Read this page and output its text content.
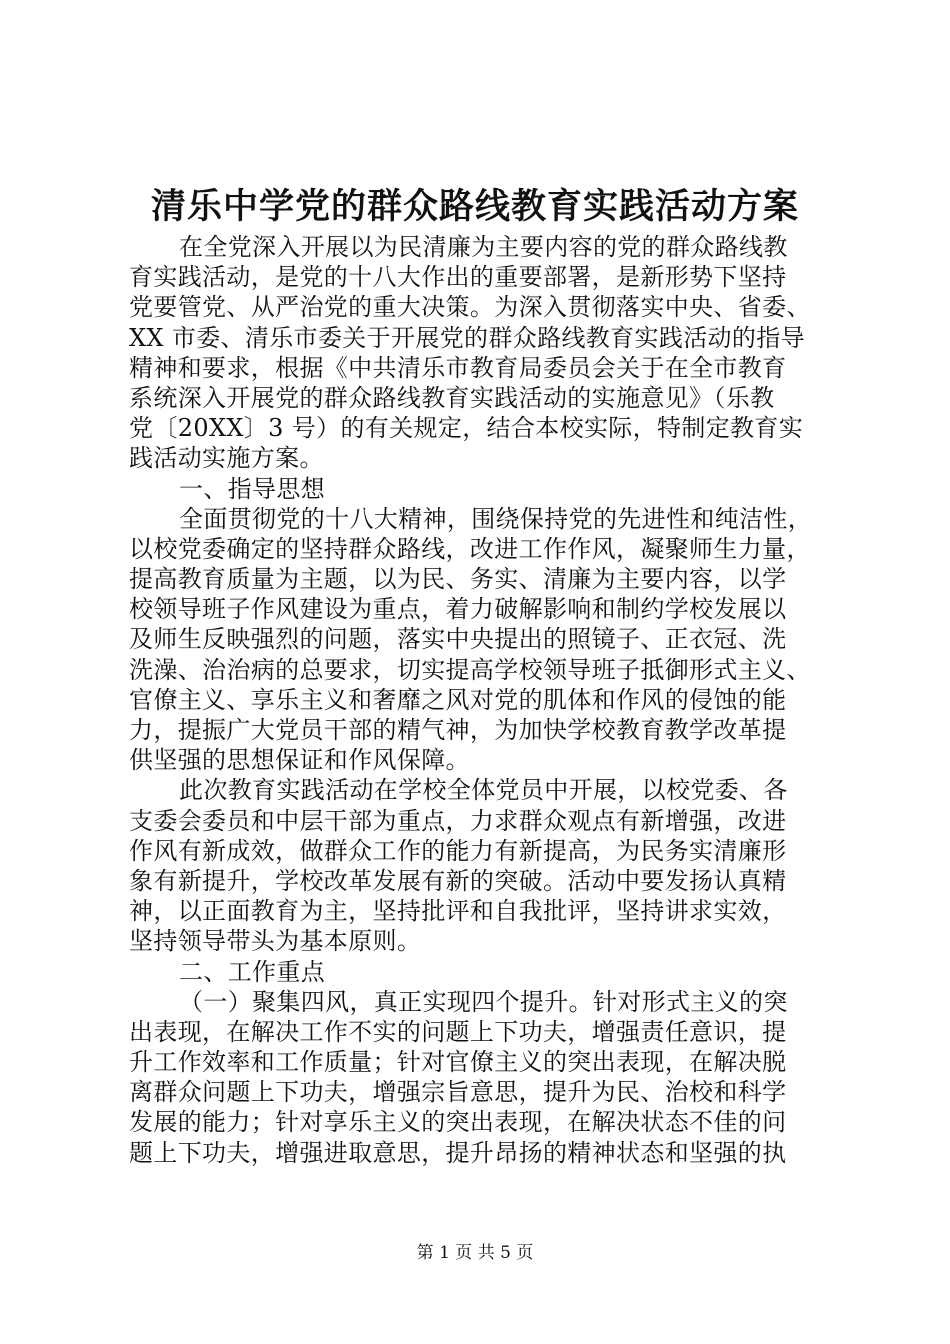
清乐中学党的群众路线教育实践活动方案
在全党深入开展以为民清廉为主要内容的党的群众路线教
育实践活动，是党的十八大作出的重要部署，是新形势下坚持
党要管党、从严治党的重大决策。为深入贯彻落实中央、省委、
XX 市委、清乐市委关于开展党的群众路线教育实践活动的指导
精神和要求，根据《中共清乐市教育局委员会关于在全市教育
系统深入开展党的群众路线教育实践活动的实施意见》（乐教
党〔20XX〕3 号）的有关规定，结合本校实际，特制定教育实
践活动实施方案。
一、指导思想
全面贯彻党的十八大精神，围绕保持党的先进性和纯洁性，
以校党委确定的坚持群众路线，改进工作作风，凝聚师生力量，
提高教育质量为主题，以为民、务实、清廉为主要内容，以学
校领导班子作风建设为重点，着力破解影响和制约学校发展以
及师生反映强烈的问题，落实中央提出的照镜子、正衣冠、洗
洗澡、治治病的总要求，切实提高学校领导班子抵御形式主义、
官僚主义、享乐主义和奢靡之风对党的肌体和作风的侵蚀的能
力，提振广大党员干部的精气神，为加快学校教育教学改革提
供坚强的思想保证和作风保障。
此次教育实践活动在学校全体党员中开展，以校党委、各
支委会委员和中层干部为重点，力求群众观点有新增强，改进
作风有新成效，做群众工作的能力有新提高，为民务实清廉形
象有新提升，学校改革发展有新的突破。活动中要发扬认真精
神，以正面教育为主，坚持批评和自我批评，坚持讲求实效，
坚持领导带头为基本原则。
二、工作重点
（一）聚集四风，真正实现四个提升。针对形式主义的突
出表现，在解决工作不实的问题上下功夫，增强责任意识，提
升工作效率和工作质量；针对官僚主义的突出表现，在解决脱
离群众问题上下功夫，增强宗旨意思，提升为民、治校和科学
发展的能力；针对享乐主义的突出表现，在解决状态不佳的问
题上下功夫，增强进取意思，提升昂扬的精神状态和坚强的执
第 1 页 共 5 页
